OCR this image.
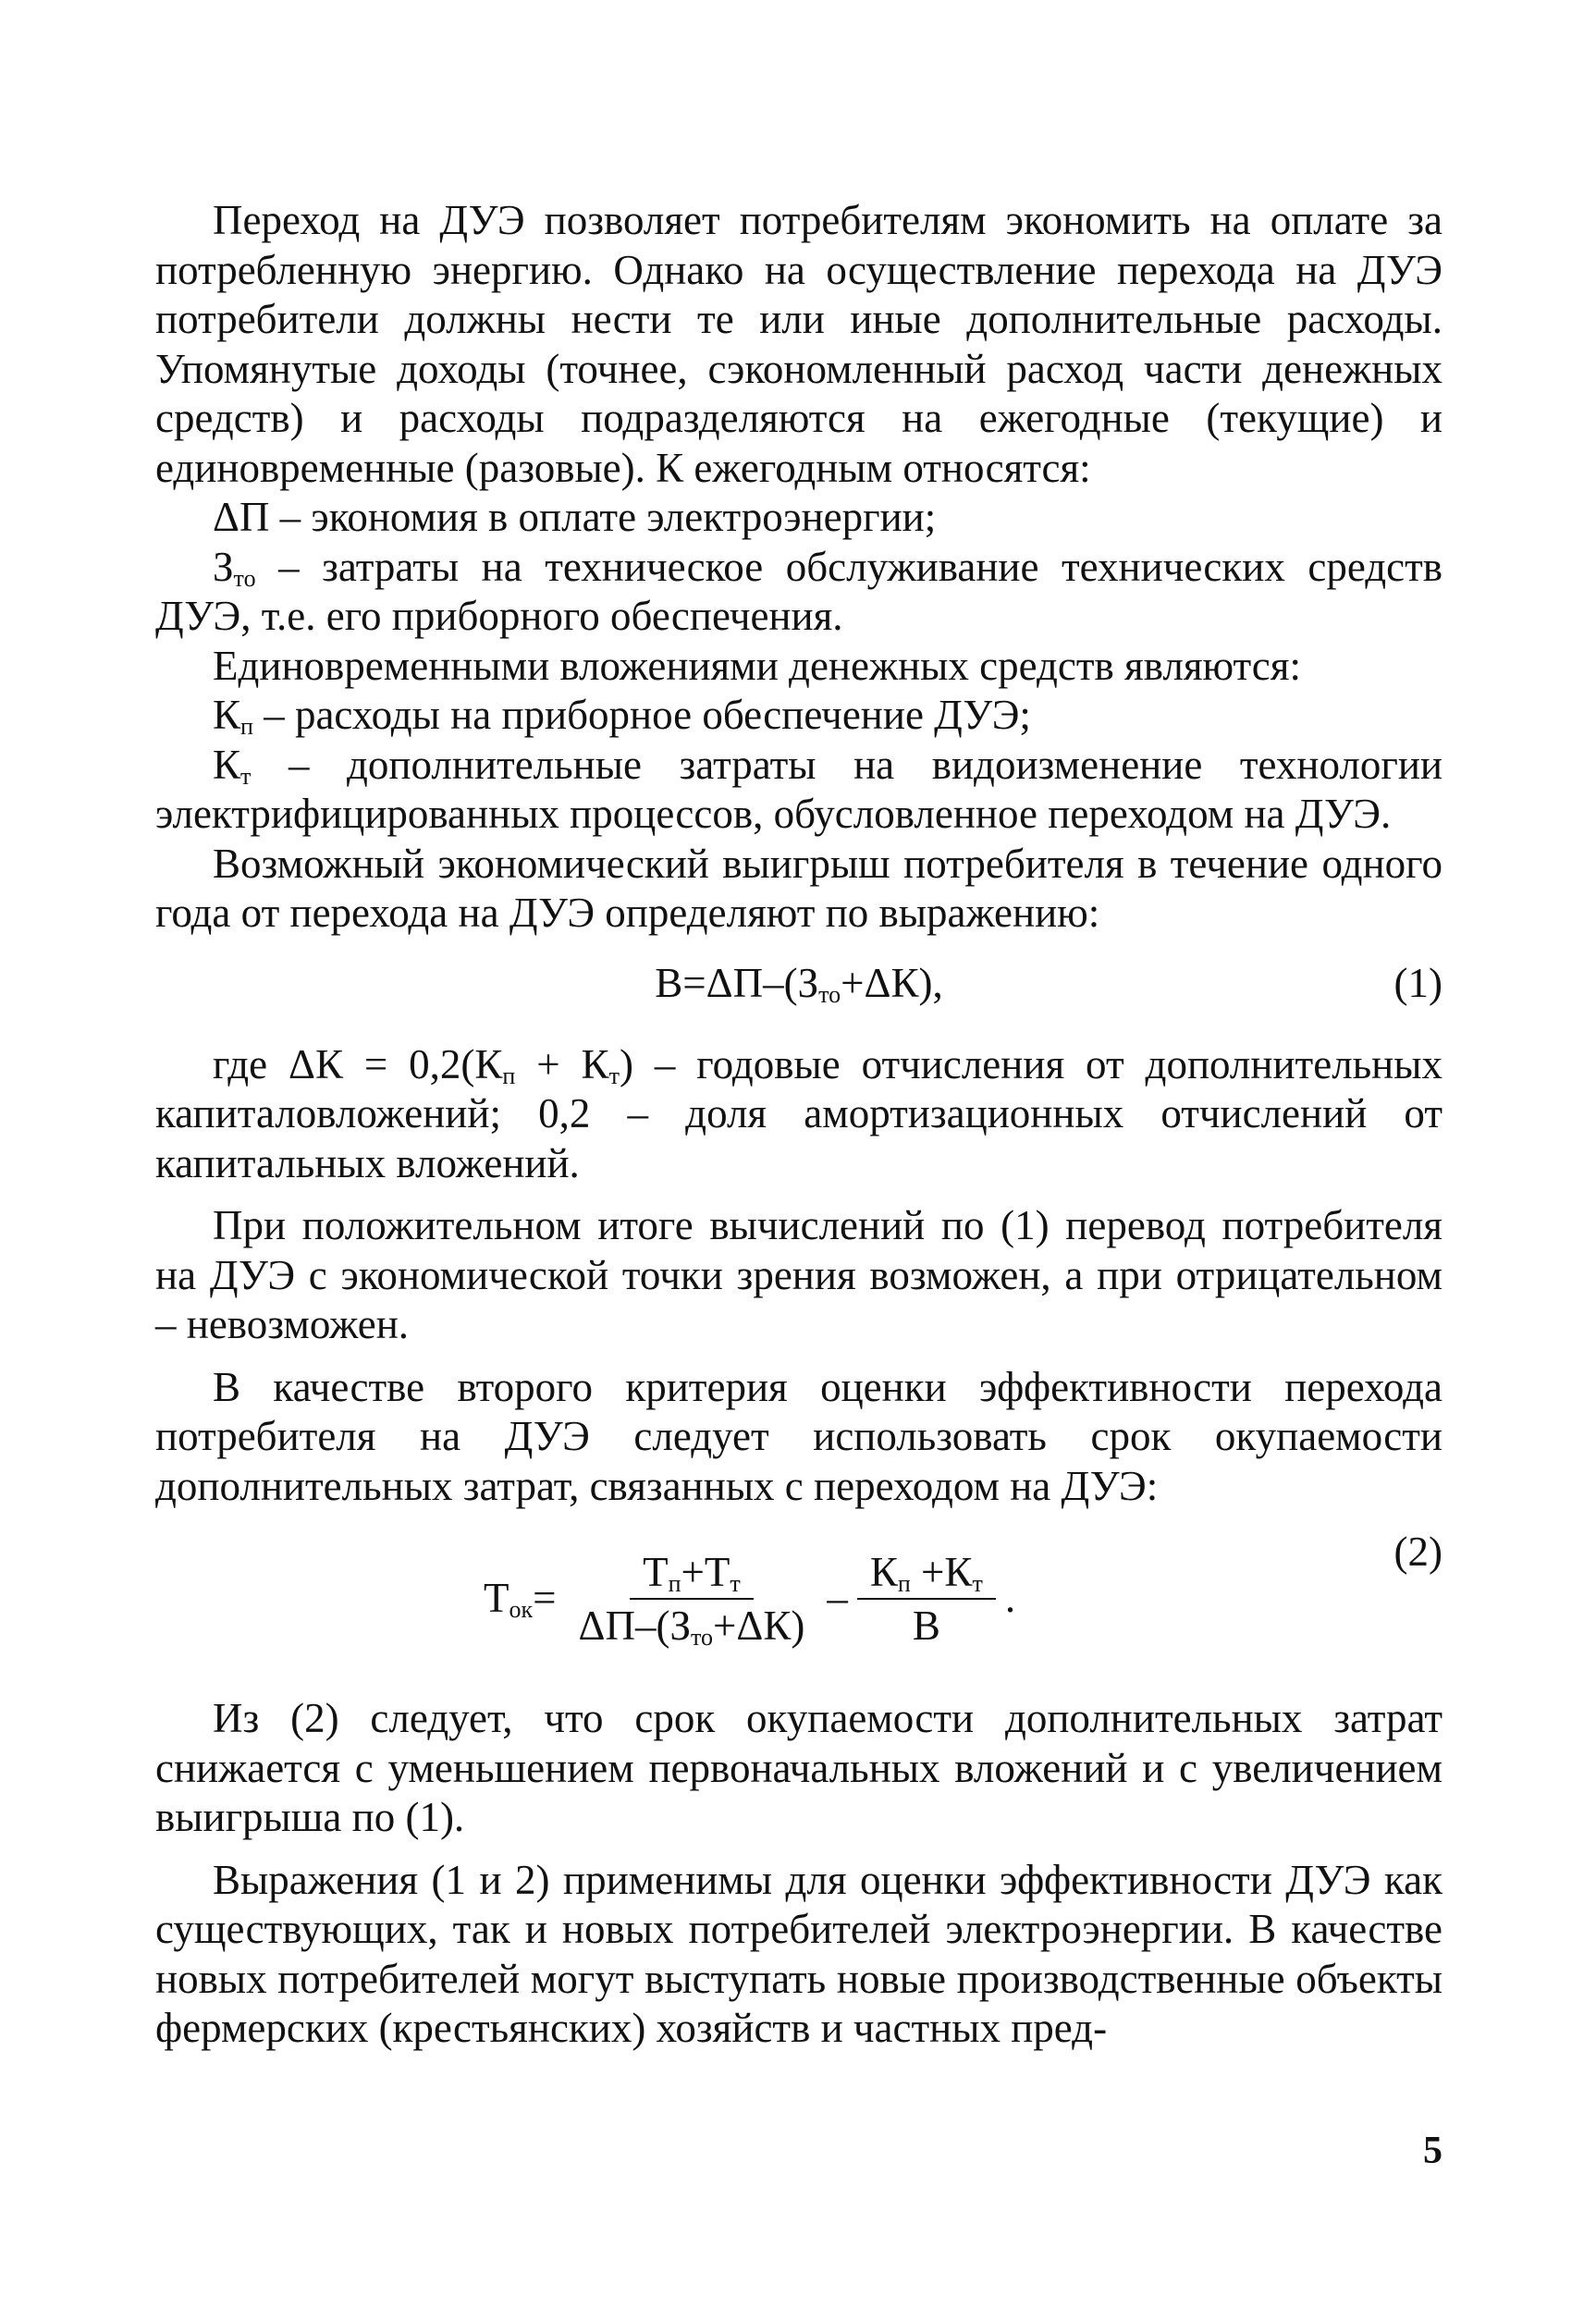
Переход на ДУЭ позволяет потребителям экономить на оплате за потребленную энергию. Однако на осуществление перехода на ДУЭ потребители должны нести те или иные дополнительные расходы. Упомянутые доходы (точнее, сэкономленный расход части денежных средств) и расходы подразделяются на ежегодные (текущие) и единовременные (разовые). К ежегодным относятся:

ΔП – экономия в оплате электроэнергии;

$З_{то}$ – затраты на техническое обслуживание технических средств ДУЭ, т.е. его приборного обеспечения.

Единовременными вложениями денежных средств являются:

$К_п$ – расходы на приборное обеспечение ДУЭ;

$К_т$ – дополнительные затраты на видоизменение технологии электрифицированных процессов, обусловленное переходом на ДУЭ.

Возможный экономический выигрыш потребителя в течение одного года от перехода на ДУЭ определяют по выражению:

$В=\Delta П-(З_{то}+\Delta К)$,	(1)

где $\Delta К = 0,2(К_п + К_т)$ – годовые отчисления от дополнительных капиталовложений; 0,2 – доля амортизационных отчислений от капитальных вложений.

При положительном итоге вычислений по (1) перевод потребителя на ДУЭ с экономической точки зрения возможен, а при отрицательном – невозможен.

В качестве второго критерия оценки эффективности перехода потребителя на ДУЭ следует использовать срок окупаемости дополнительных затрат, связанных с переходом на ДУЭ:

(2)
$Т_{ок} = \frac{Т_п+Т_т}{\Delta П-(З_{то}+\Delta К)} - \frac{К_п +К_т}{В}$ .

Из (2) следует, что срок окупаемости дополнительных затрат снижается с уменьшением первоначальных вложений и с увеличением выигрыша по (1).

Выражения (1 и 2) применимы для оценки эффективности ДУЭ как существующих, так и новых потребителей электроэнергии. В качестве новых потребителей могут выступать новые производственные объекты фермерских (крестьянских) хозяйств и частных пред-

5
